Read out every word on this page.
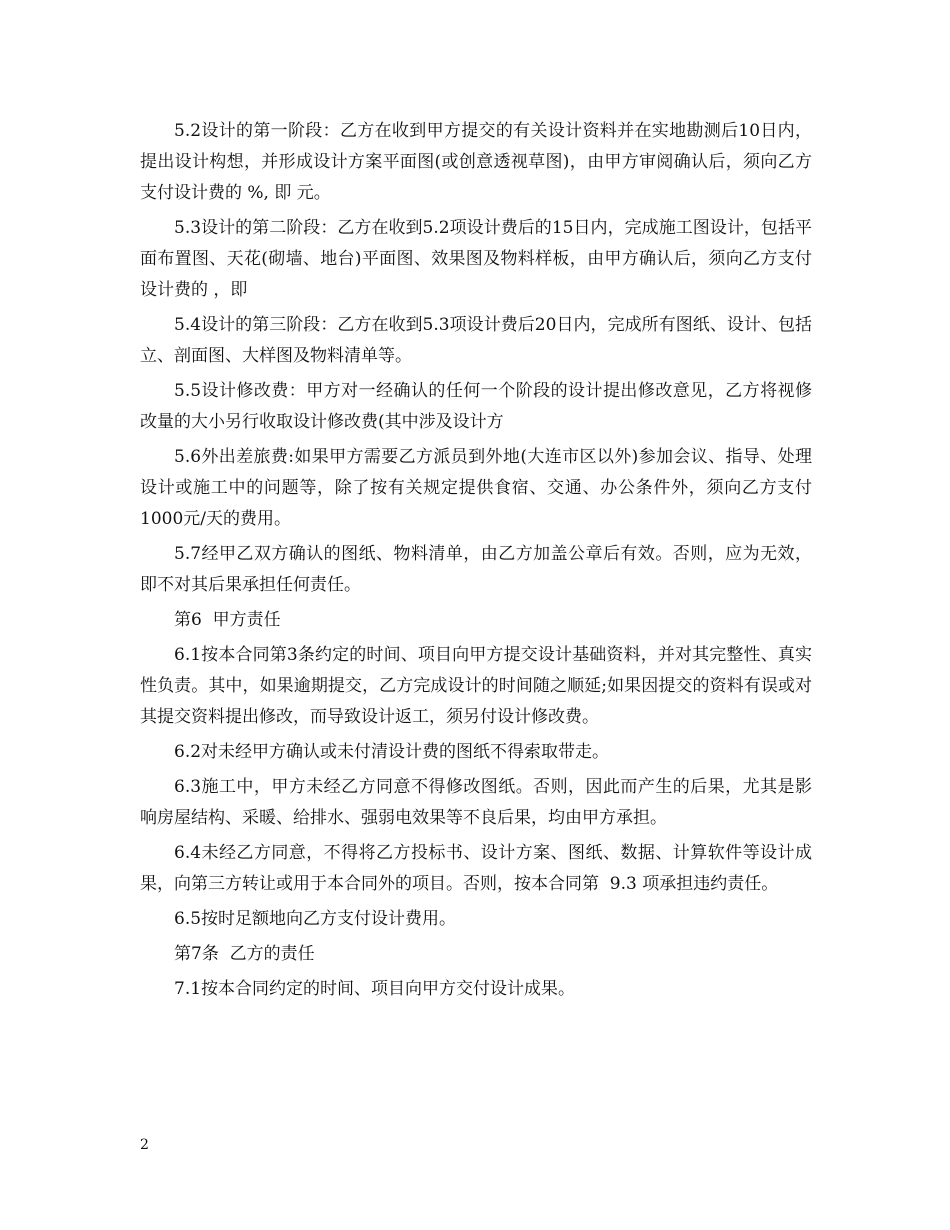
5.2设计的第一阶段：乙方在收到甲方提交的有关设计资料并在实地勘测后10日内，提出设计构想，并形成设计方案平面图(或创意透视草图)，由甲方审阅确认后，须向乙方支付设计费的 %, 即 元。

5.3设计的第二阶段：乙方在收到5.2项设计费后的15日内，完成施工图设计，包括平面布置图、天花(砌墙、地台)平面图、效果图及物料样板，由甲方确认后，须向乙方支付设计费的 ，即

5.4设计的第三阶段：乙方在收到5.3项设计费后20日内，完成所有图纸、设计、包括立、剖面图、大样图及物料清单等。

5.5设计修改费：甲方对一经确认的任何一个阶段的设计提出修改意见，乙方将视修改量的大小另行收取设计修改费(其中涉及设计方

5.6外出差旅费:如果甲方需要乙方派员到外地(大连市区以外)参加会议、指导、处理设计或施工中的问题等，除了按有关规定提供食宿、交通、办公条件外，须向乙方支付1000元/天的费用。

5.7经甲乙双方确认的图纸、物料清单，由乙方加盖公章后有效。否则，应为无效，即不对其后果承担任何责任。

第6  甲方责任

6.1按本合同第3条约定的时间、项目向甲方提交设计基础资料，并对其完整性、真实性负责。其中，如果逾期提交，乙方完成设计的时间随之顺延;如果因提交的资料有误或对其提交资料提出修改，而导致设计返工，须另付设计修改费。

6.2对未经甲方确认或未付清设计费的图纸不得索取带走。

6.3施工中，甲方未经乙方同意不得修改图纸。否则，因此而产生的后果，尤其是影响房屋结构、采暖、给排水、强弱电效果等不良后果，均由甲方承担。

6.4未经乙方同意，不得将乙方投标书、设计方案、图纸、数据、计算软件等设计成果，向第三方转让或用于本合同外的项目。否则，按本合同第  9.3 项承担违约责任。

6.5按时足额地向乙方支付设计费用。

第7条  乙方的责任

7.1按本合同约定的时间、项目向甲方交付设计成果。

2
